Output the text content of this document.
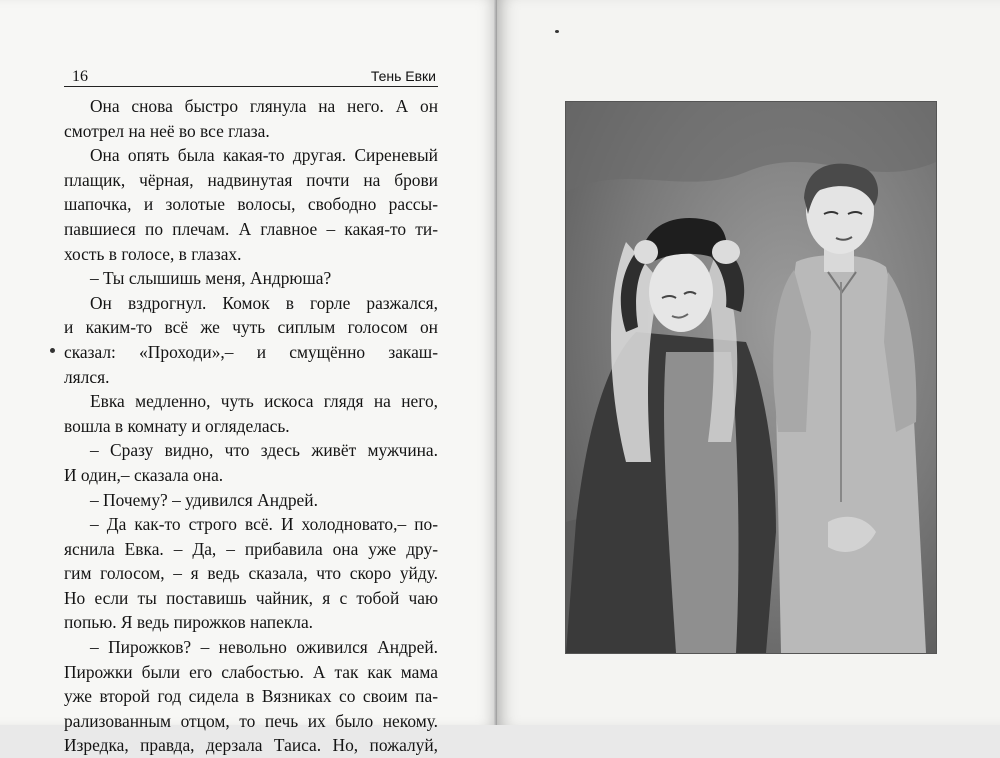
16	Тень Евки
Она снова быстро глянула на него. А он
смотрел на неё во все глаза.
Она опять была какая-то другая. Сиреневый
плащик, чёрная, надвинутая почти на брови
шапочка, и золотые волосы, свободно рассы-
павшиеся по плечам. А главное – какая-то ти-
хость в голосе, в глазах.
– Ты слышишь меня, Андрюша?
Он вздрогнул. Комок в горле разжался,
и каким-то всё же чуть сиплым голосом он
сказал: «Проходи»,– и смущённо закаш-
лялся.
Евка медленно, чуть искоса глядя на него,
вошла в комнату и огляделась.
– Сразу видно, что здесь живёт мужчина.
И один,– сказала она.
– Почему? – удивился Андрей.
– Да как-то строго всё. И холодновато,– по-
яснила Евка. – Да, – прибавила она уже дру-
гим голосом, – я ведь сказала, что скоро уйду.
Но если ты поставишь чайник, я с тобой чаю
попью. Я ведь пирожков напекла.
– Пирожков? – невольно оживился Андрей.
Пирожки были его слабостью. А так как мама
уже второй год сидела в Вязниках со своим па-
рализованным отцом, то печь их было некому.
Изредка, правда, дерзала Таиса. Но, пожалуй,
